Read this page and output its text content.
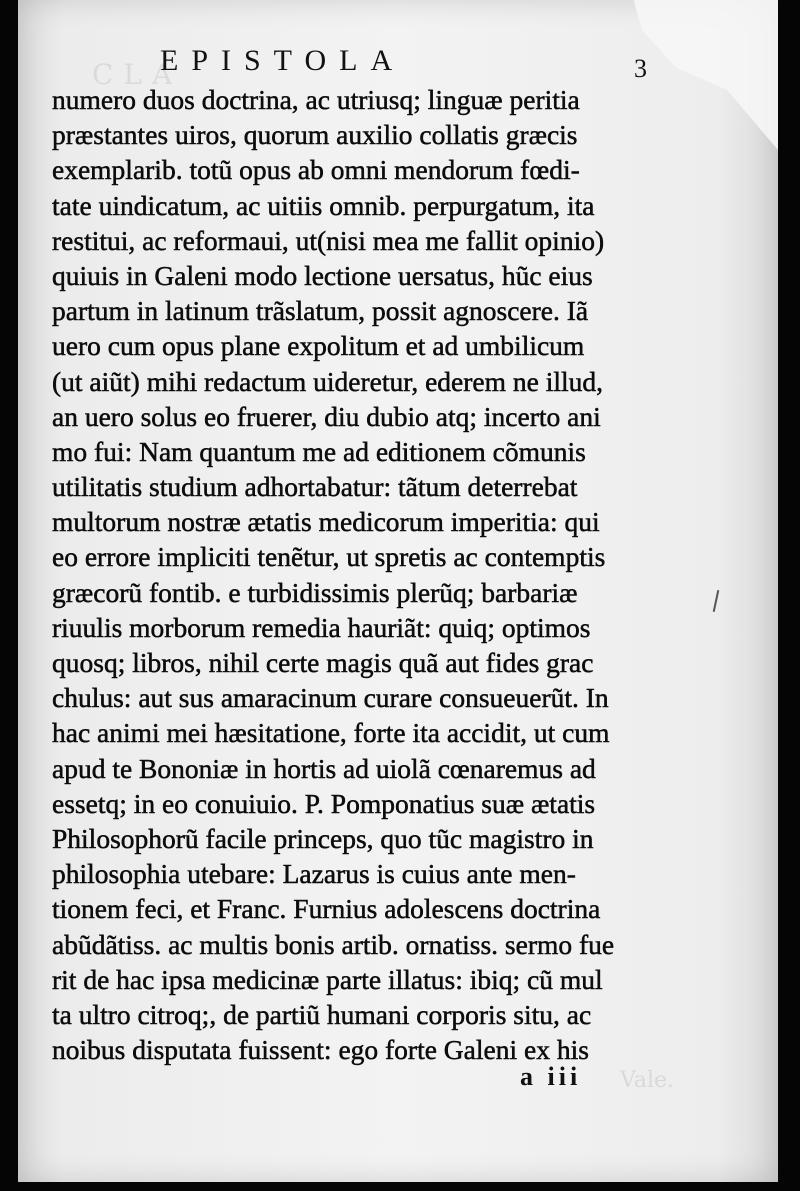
CLA
EPISTOLA	3
numero duos doctrina, ac utriusq; linguæ peritia
præstantes uiros, quorum auxilio collatis græcis
exemplarib. totũ opus ab omni mendorum fœdi-
tate uindicatum, ac uitiis omnib. perpurgatum, ita
restitui, ac reformaui, ut(nisi mea me fallit opinio)
quiuis in Galeni modo lectione uersatus, hũc eius
partum in latinum trãslatum, possit agnoscere. Iã
uero cum opus plane expolitum et ad umbilicum
(ut aiũt) mihi redactum uideretur, ederem ne illud,
an uero solus eo fruerer, diu dubio atq; incerto ani
mo fui: Nam quantum me ad editionem cõmunis
utilitatis studium adhortabatur: tãtum deterrebat
multorum nostræ ætatis medicorum imperitia: qui
eo errore impliciti tenẽtur, ut spretis ac contemptis
græcorũ fontib. e turbidissimis plerũq; barbariæ
riuulis morborum remedia hauriãt: quiq; optimos
quosq; libros, nihil certe magis quã aut fides grac
chulus: aut sus amaracinum curare consueuerũt. In
hac animi mei hæsitatione, forte ita accidit, ut cum
apud te Bononiæ in hortis ad uiolã cœnaremus ad
essetq; in eo conuiuio. P. Pomponatius suæ ætatis
Philosophorũ facile princeps, quo tũc magistro in
philosophia utebare: Lazarus is cuius ante men-
tionem feci, et Franc. Furnius adolescens doctrina
abũdãtiss. ac multis bonis artib. ornatiss. sermo fue
rit de hac ipsa medicinæ parte illatus: ibiq; cũ mul
ta ultro citroq;, de partiũ humani corporis situ, ac
noibus disputata fuissent: ego forte Galeni ex his
Vale.
a iii
